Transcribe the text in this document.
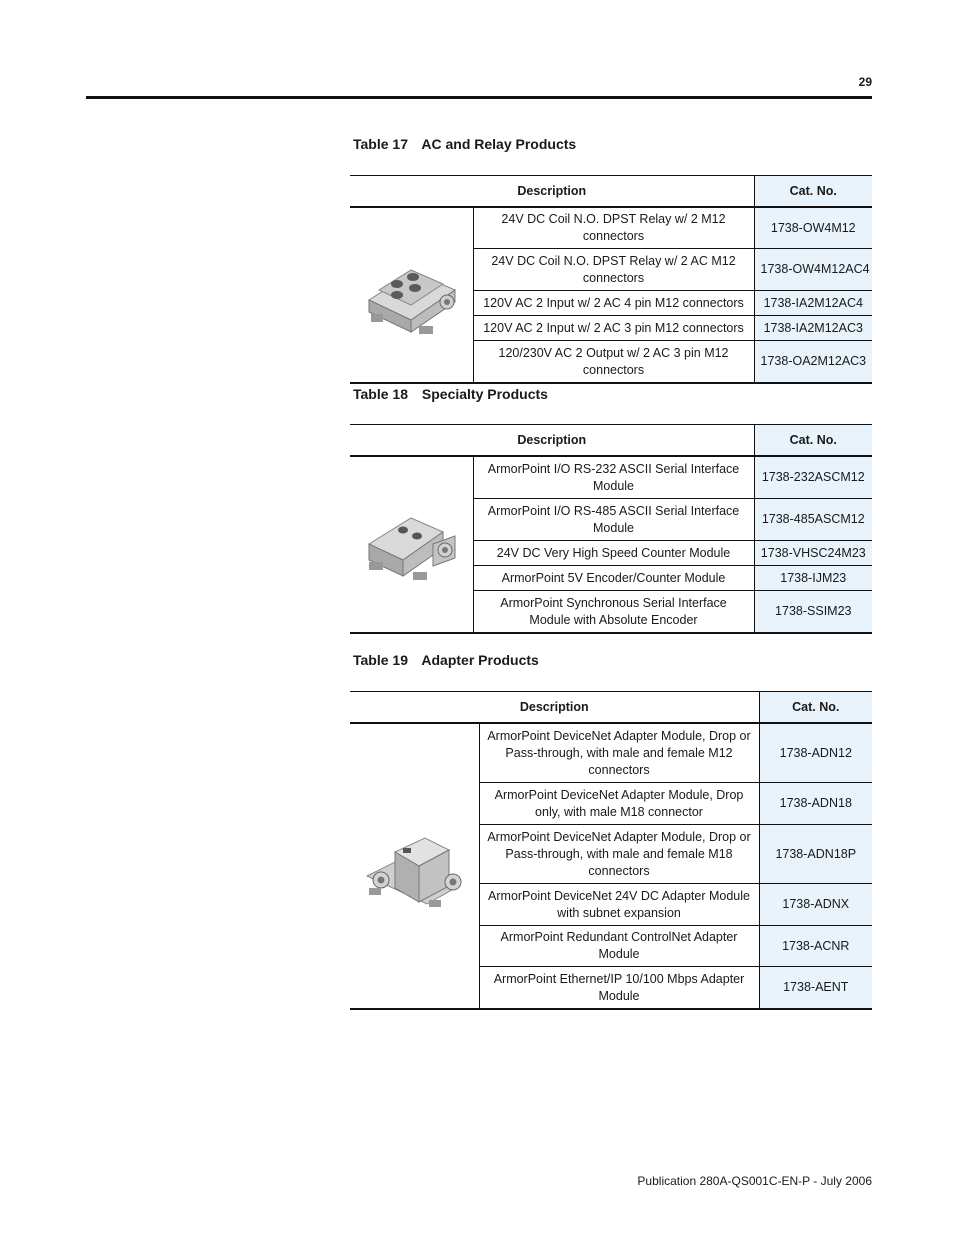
29
Table 17 AC and Relay Products
Description		Cat. No.

	24V DC Coil N.O. DPST Relay w/ 2 M12 connectors	1738-OW4M12
	24V DC Coil N.O. DPST Relay w/ 2 AC M12 connectors	1738-OW4M12AC4
	120V AC 2 Input w/ 2 AC 4 pin M12 connectors	1738-IA2M12AC4
	120V AC 2 Input w/ 2 AC 3 pin M12 connectors	1738-IA2M12AC3
	120/230V AC 2 Output w/ 2 AC 3 pin M12 connectors	1738-OA2M12AC3
Table 18 Specialty Products
Description		Cat. No.

	ArmorPoint I/O RS-232 ASCII Serial Interface Module	1738-232ASCM12
	ArmorPoint I/O RS-485 ASCII Serial Interface Module	1738-485ASCM12
	24V DC Very High Speed Counter Module	1738-VHSC24M23
	ArmorPoint 5V Encoder/Counter Module	1738-IJM23
	ArmorPoint Synchronous Serial Interface Module with Absolute Encoder	1738-SSIM23
Table 19 Adapter Products
Description		Cat. No.

	ArmorPoint DeviceNet Adapter Module, Drop or Pass-through, with male and female M12 connectors	1738-ADN12
	ArmorPoint DeviceNet Adapter Module, Drop only, with male M18 connector	1738-ADN18
	ArmorPoint DeviceNet Adapter Module, Drop or Pass-through, with male and female M18 connectors	1738-ADN18P
	ArmorPoint DeviceNet 24V DC Adapter Module with subnet expansion	1738-ADNX
	ArmorPoint Redundant ControlNet Adapter Module	1738-ACNR
	ArmorPoint Ethernet/IP 10/100 Mbps Adapter Module	1738-AENT
Publication 280A-QS001C-EN-P - July 2006
